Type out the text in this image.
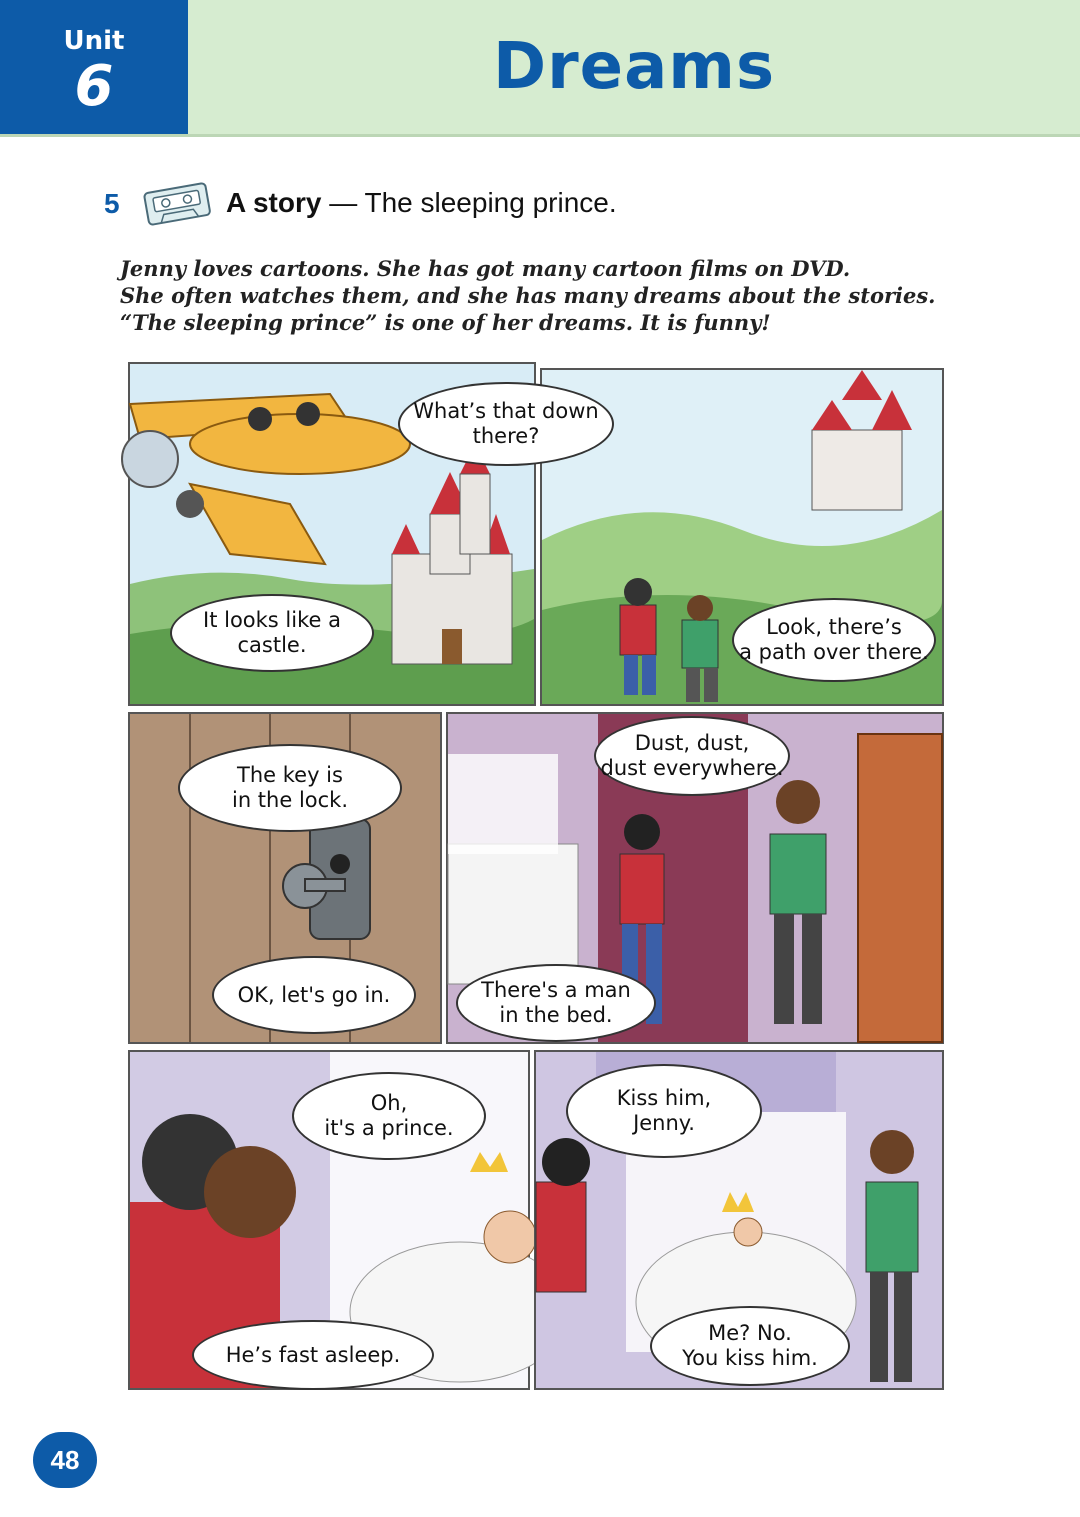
Unit
6	Dreams
5	A story — The sleeping prince.
Jenny loves cartoons. She has got many cartoon films on DVD.
She often watches them, and she has many dreams about the stories.
“The sleeping prince” is one of her dreams. It is funny!
What’s that down
there?
It looks like a
castle.
Look, there’s
a path over there.
The key is
in the lock.
OK, let's go in.
Dust, dust,
dust everywhere.
There's a man
in the bed.
Oh,
it's a prince.
He’s fast asleep.
Kiss him,
Jenny.
Me? No.
You kiss him.
48
